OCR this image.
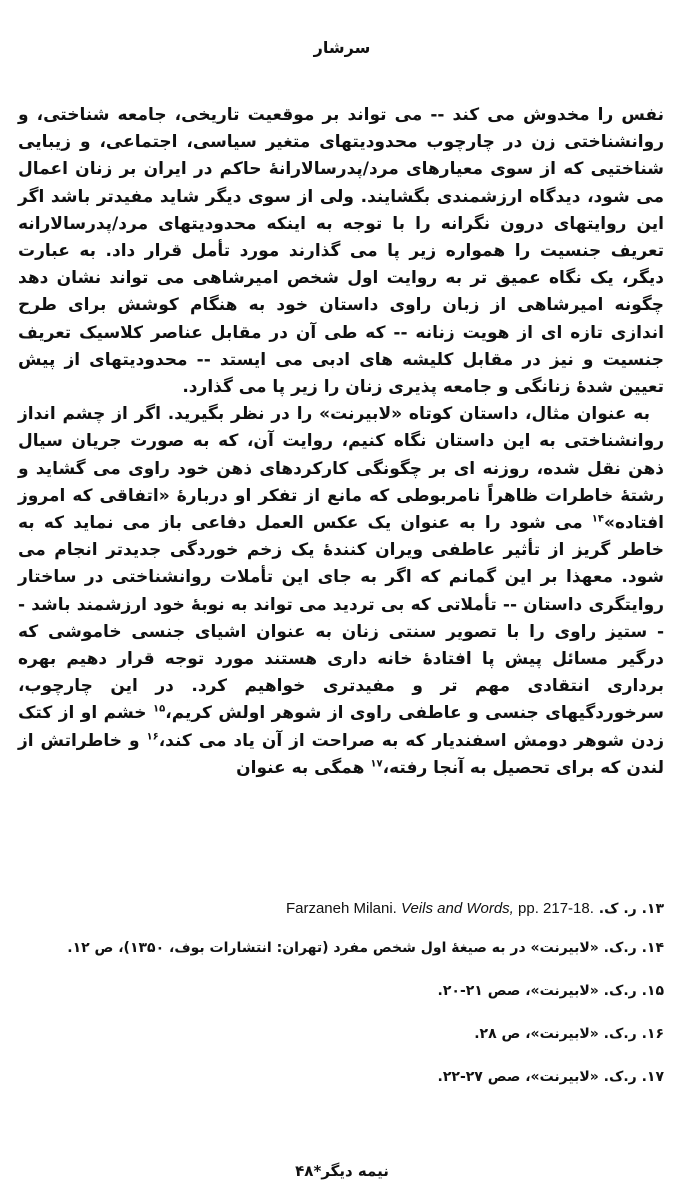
سرشار

نفس را مخدوش می کند -- می تواند بر موقعیت تاریخی، جامعه شناختی، و روانشناختی زن در چارچوب محدودیتهای متغیر سیاسی، اجتماعی، و زیبایی شناختیی که از سوی معیارهای مرد/پدرسالارانهٔ حاکم در ایران بر زنان اعمال می شود، دیدگاه ارزشمندی بگشایند. ولی از سوی دیگر شاید مفیدتر باشد اگر این روایتهای درون نگرانه را با توجه به اینکه محدودیتهای مرد/پدرسالارانه تعریف جنسیت را همواره زیر پا می گذارند مورد تأمل قرار داد. به عبارت دیگر، یک نگاه عمیق تر به روایت اول شخص امیرشاهی می تواند نشان دهد چگونه امیرشاهی از زبان راوی داستان خود به هنگام کوشش برای طرح اندازی تازه ای از هویت زنانه -- که طی آن در مقابل عناصر کلاسیک تعریف جنسیت و نیز در مقابل کلیشه های ادبی می ایستد -- محدودیتهای از پیش تعیین شدهٔ زنانگی و جامعه پذیری زنان را زیر پا می گذارد.

به عنوان مثال، داستان کوتاه «لابیرنت» را در نظر بگیرید. اگر از چشم انداز روانشناختی به این داستان نگاه کنیم، روایت آن، که به صورت جریان سیال ذهن نقل شده، روزنه ای بر چگونگی کارکردهای ذهن خود راوی می گشاید و رشتهٔ خاطرات ظاهراً نامربوطی که مانع از تفکر او دربارهٔ «اتفاقی که امروز افتاده»$^{۱۴}$ می شود را به عنوان یک عکس العمل دفاعی باز می نماید که به خاطر گریز از تأثیر عاطفی ویران کنندهٔ یک زخم خوردگی جدیدتر انجام می شود. معهذا بر این گمانم که اگر به جای این تأملات روانشناختی در ساختار روایتگری داستان -- تأملاتی که بی تردید می تواند به نوبهٔ خود ارزشمند باشد -- ستیز راوی را با تصویر سنتی زنان به عنوان اشیای جنسی خاموشی که درگیر مسائل پیش پا افتادهٔ خانه داری هستند مورد توجه قرار دهیم بهره برداری انتقادی مهم تر و مفیدتری خواهیم کرد. در این چارچوب، سرخوردگیهای جنسی و عاطفی راوی از شوهر اولش کریم،$^{۱۵}$ خشم او از کتک زدن شوهر دومش اسفندیار که به صراحت از آن یاد می کند،$^{۱۶}$ و خاطراتش از لندن که برای تحصیل به آنجا رفته،$^{۱۷}$ همگی به عنوان

۱۳. ر. ک. Farzaneh Milani. Veils and Words, pp. 217-18.
۱۴. ر.ک. «لابیرنت» در به صیغهٔ اول شخص مفرد (تهران: انتشارات بوف، ۱۳۵۰)، ص ۱۲.
۱۵. ر.ک. «لابیرنت»، صص ۲۱-۲۰.
۱۶. ر.ک. «لابیرنت»، ص ۲۸.
۱۷. ر.ک. «لابیرنت»، صص ۲۷-۲۲.
نیمه دیگر*۴۸
